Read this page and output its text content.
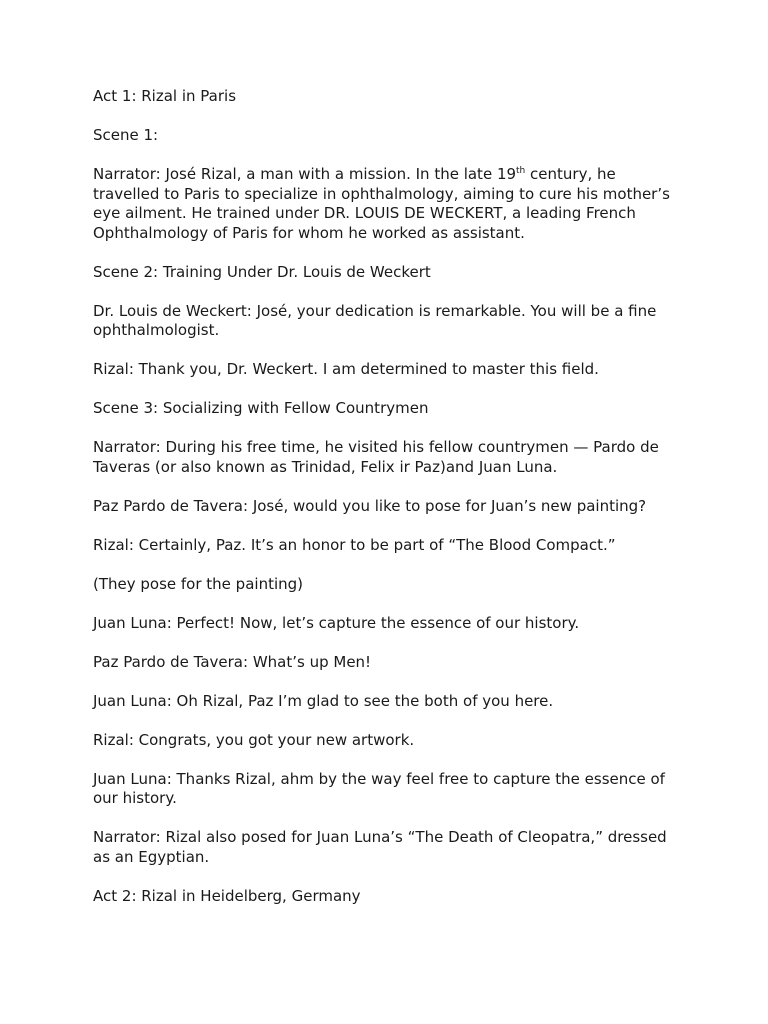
Act 1: Rizal in Paris

Scene 1:

Narrator: José Rizal, a man with a mission. In the late 19th century, he travelled to Paris to specialize in ophthalmology, aiming to cure his mother’s eye ailment. He trained under DR. LOUIS DE WECKERT, a leading French Ophthalmology of Paris for whom he worked as assistant.

Scene 2: Training Under Dr. Louis de Weckert

Dr. Louis de Weckert: José, your dedication is remarkable. You will be a fine ophthalmologist.

Rizal: Thank you, Dr. Weckert. I am determined to master this field.

Scene 3: Socializing with Fellow Countrymen

Narrator: During his free time, he visited his fellow countrymen — Pardo de Taveras (or also known as Trinidad, Felix ir Paz)and Juan Luna.

Paz Pardo de Tavera: José, would you like to pose for Juan’s new painting?

Rizal: Certainly, Paz. It’s an honor to be part of “The Blood Compact.”

(They pose for the painting)

Juan Luna: Perfect! Now, let’s capture the essence of our history.

Paz Pardo de Tavera: What’s up Men!

Juan Luna: Oh Rizal, Paz I’m glad to see the both of you here.

Rizal: Congrats, you got your new artwork.

Juan Luna: Thanks Rizal, ahm by the way feel free to capture the essence of our history.

Narrator: Rizal also posed for Juan Luna’s “The Death of Cleopatra,” dressed as an Egyptian.

Act 2: Rizal in Heidelberg, Germany
